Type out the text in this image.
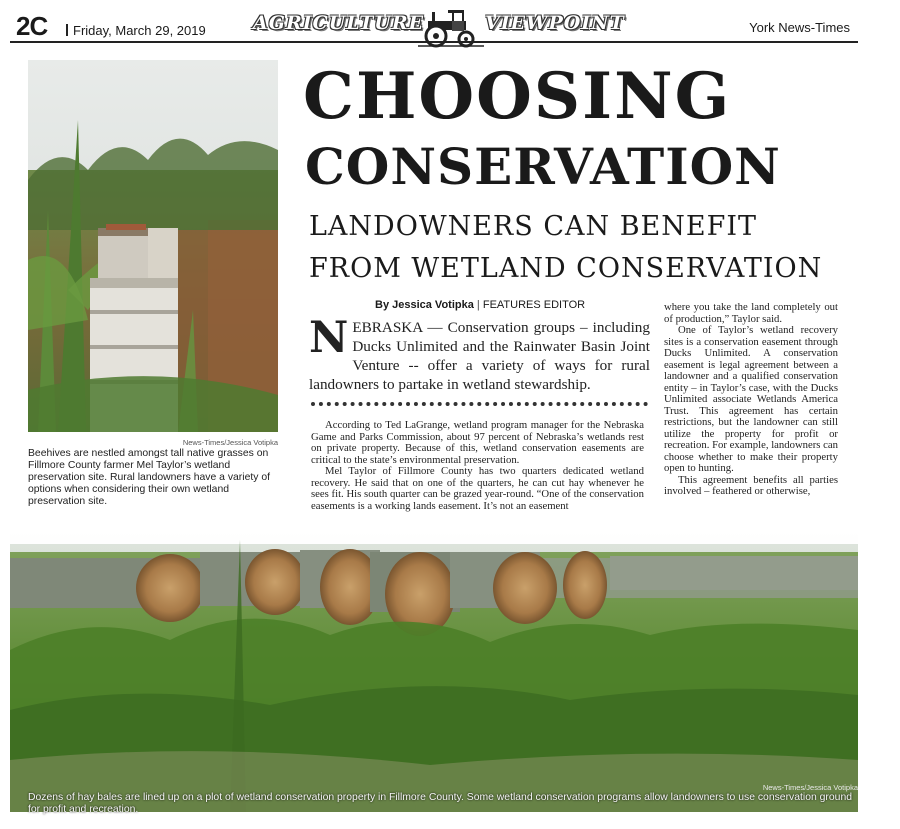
2C	Friday, March 29, 2019 AGRICULTURE	VIEWPOINT	York News-Times
News-Times/Jessica Votipka
Beehives are nestled amongst tall native grasses on Fillmore County farmer Mel Taylor’s wetland preservation site. Rural landowners have a variety of options when considering their own wetland preservation site.
CHOOSING
CONSERVATION
LANDOWNERS CAN BENEFIT
FROM WETLAND CONSERVATION
By Jessica Votipka | FEATURES EDITOR
N EBRASKA — Conservation groups – including Ducks Unlimited and the Rainwater Basin Joint Venture -- offer a variety of ways for rural landowners to partake in wetland stewardship.

According to Ted LaGrange, wetland program manager for the Nebraska Game and Parks Commission, about 97 percent of Nebraska’s wetlands rest on private property. Because of this, wetland conservation easements are critical to the state’s environmental preservation.

Mel Taylor of Fillmore County has two quarters dedicated wetland recovery. He said that on one of the quarters, he can cut hay whenever he sees fit. His south quarter can be grazed year-round. “One of the conservation easements is a working lands easement. It’s not an easement

where you take the land completely out of production,” Taylor said.

One of Taylor’s wetland recovery sites is a conservation easement through Ducks Unlimited. A conservation easement is legal agreement between a landowner and a qualified conservation entity – in Taylor’s case, with the Ducks Unlimited associate Wetlands America Trust. This agreement has certain restrictions, but the landowner can still utilize the property for profit or recreation. For example, landowners can choose whether to make their property open to hunting.

This agreement benefits all parties involved – feathered or otherwise,

News-Times/Jessica Votipka
Dozens of hay bales are lined up on a plot of wetland conservation property in Fillmore County. Some wetland conservation programs allow landowners to use conservation ground for profit and recreation.
